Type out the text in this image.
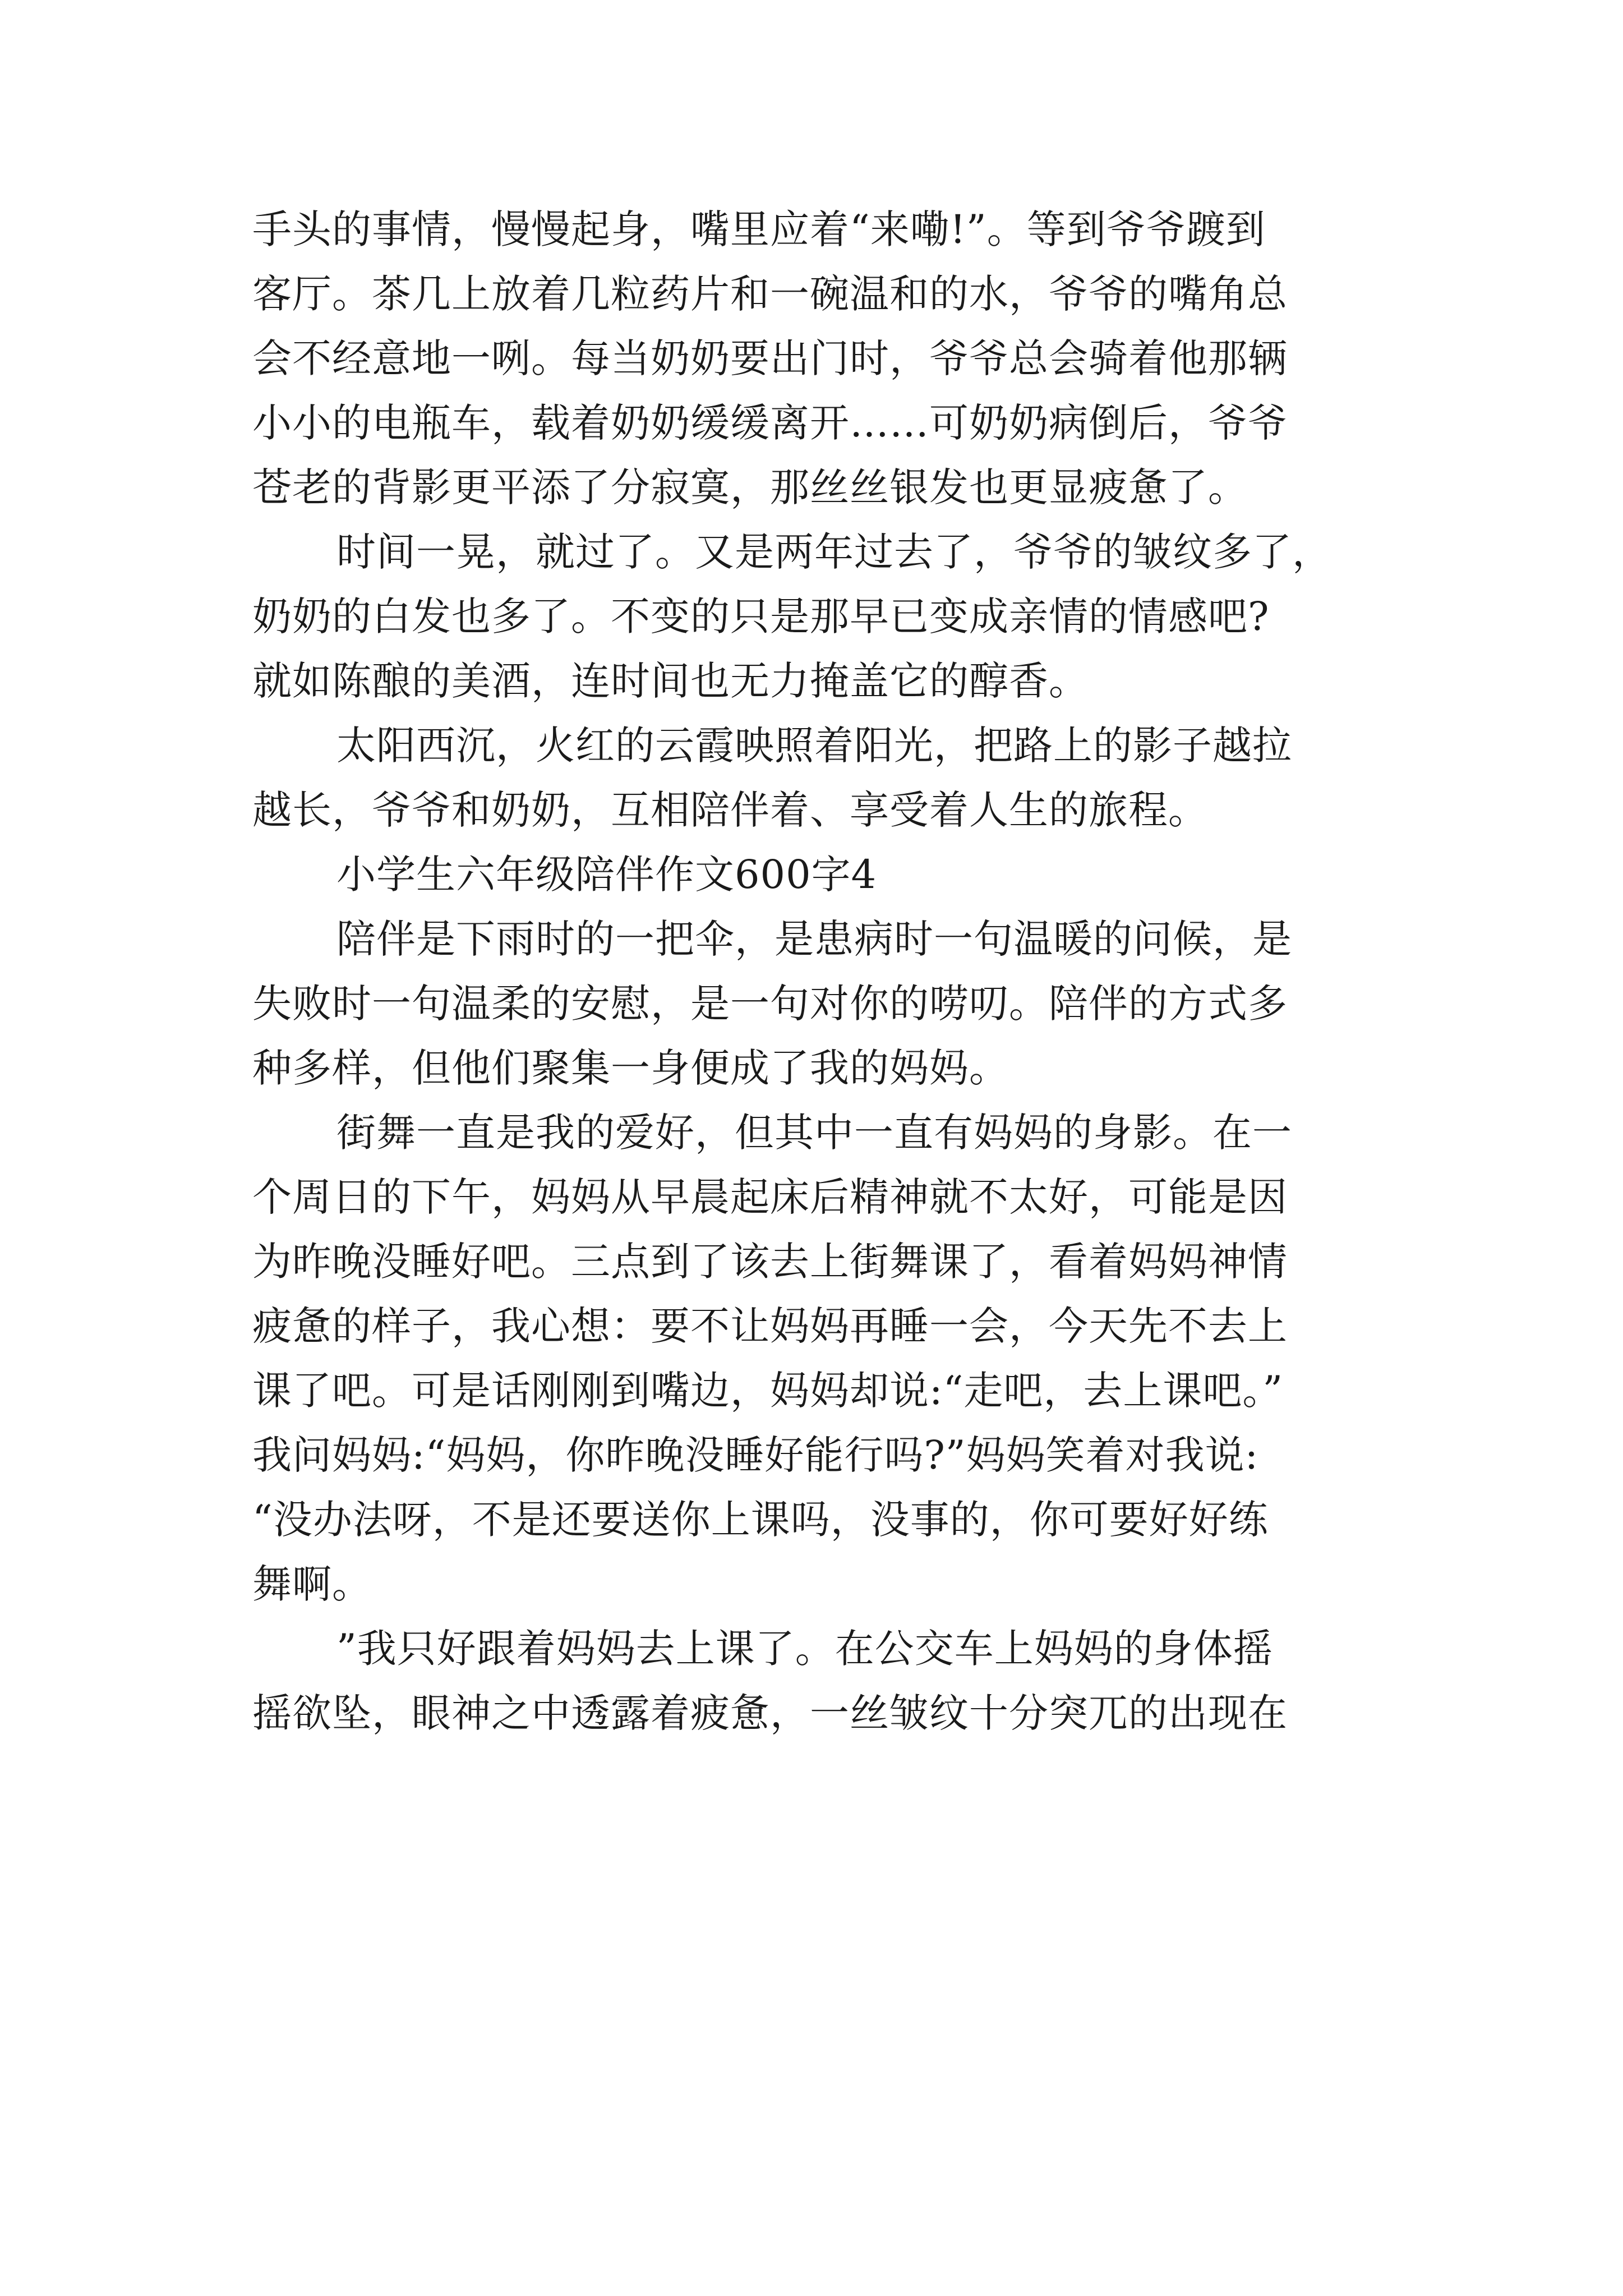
手头的事情，慢慢起身，嘴里应着“来嘞!”。等到爷爷踱到
客厅。茶几上放着几粒药片和一碗温和的水，爷爷的嘴角总
会不经意地一咧。每当奶奶要出门时，爷爷总会骑着他那辆
小小的电瓶车，载着奶奶缓缓离开……可奶奶病倒后，爷爷
苍老的背影更平添了分寂寞，那丝丝银发也更显疲惫了。
时间一晃，就过了。又是两年过去了，爷爷的皱纹多了，
奶奶的白发也多了。不变的只是那早已变成亲情的情感吧?
就如陈酿的美酒，连时间也无力掩盖它的醇香。
太阳西沉，火红的云霞映照着阳光，把路上的影子越拉
越长，爷爷和奶奶，互相陪伴着、享受着人生的旅程。
小学生六年级陪伴作文600字4
陪伴是下雨时的一把伞，是患病时一句温暖的问候，是
失败时一句温柔的安慰，是一句对你的唠叨。陪伴的方式多
种多样，但他们聚集一身便成了我的妈妈。
街舞一直是我的爱好，但其中一直有妈妈的身影。在一
个周日的下午，妈妈从早晨起床后精神就不太好，可能是因
为昨晚没睡好吧。三点到了该去上街舞课了，看着妈妈神情
疲惫的样子，我心想：要不让妈妈再睡一会，今天先不去上
课了吧。可是话刚刚到嘴边，妈妈却说:“走吧，去上课吧。”
我问妈妈:“妈妈，你昨晚没睡好能行吗?”妈妈笑着对我说:
“没办法呀，不是还要送你上课吗，没事的，你可要好好练
舞啊。
”我只好跟着妈妈去上课了。在公交车上妈妈的身体摇
摇欲坠，眼神之中透露着疲惫，一丝皱纹十分突兀的出现在
